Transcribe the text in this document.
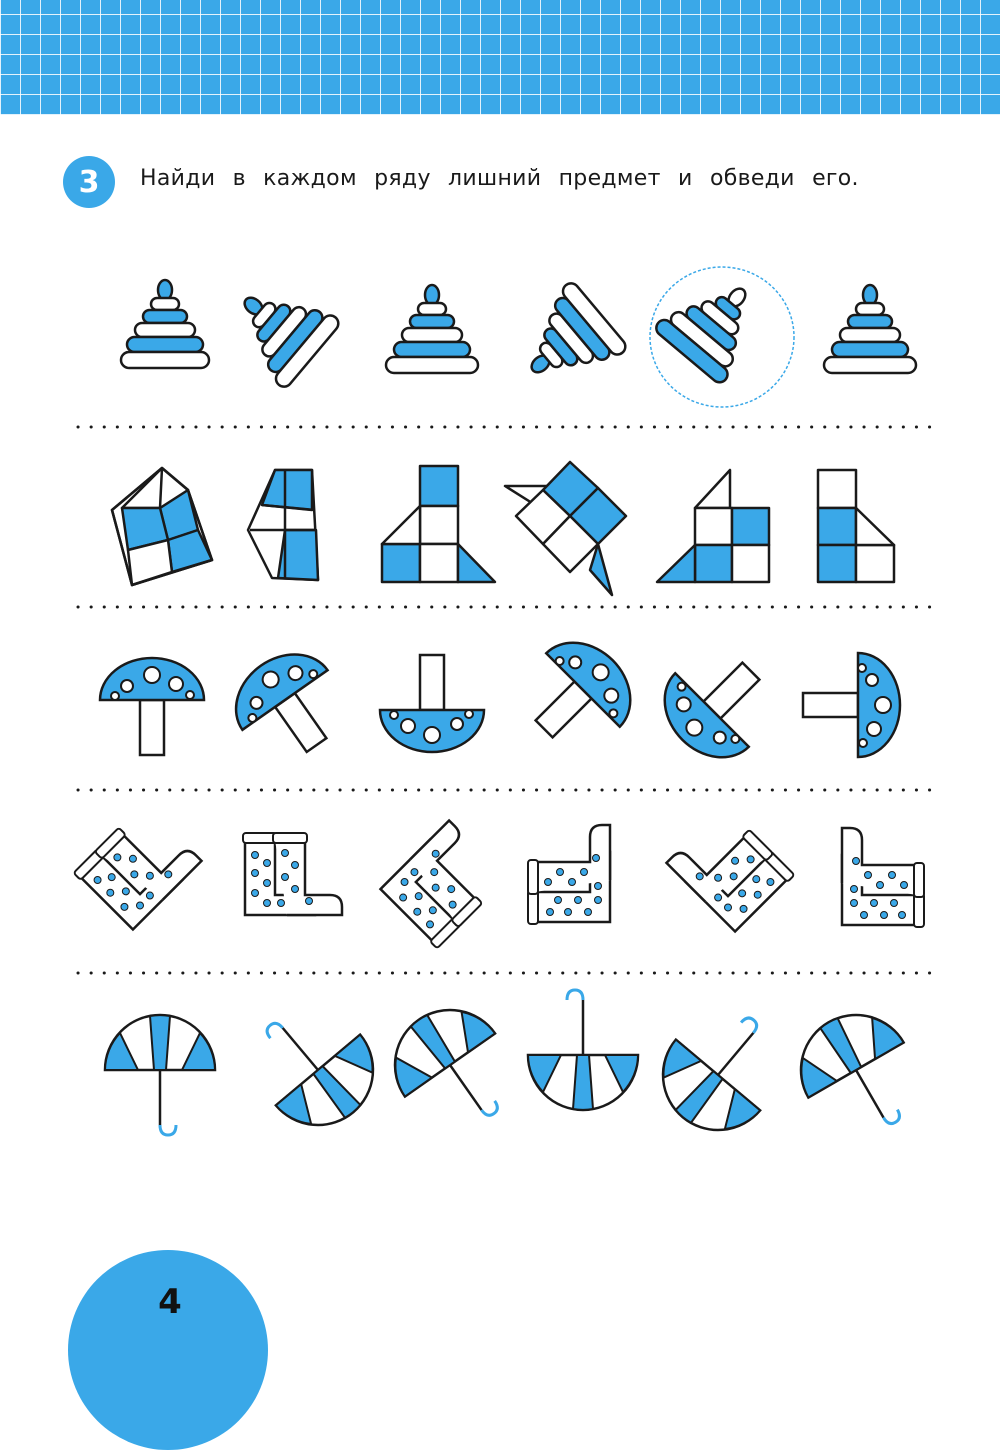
3	Найди в каждом ряду лишний предмет и обведи его.
4
